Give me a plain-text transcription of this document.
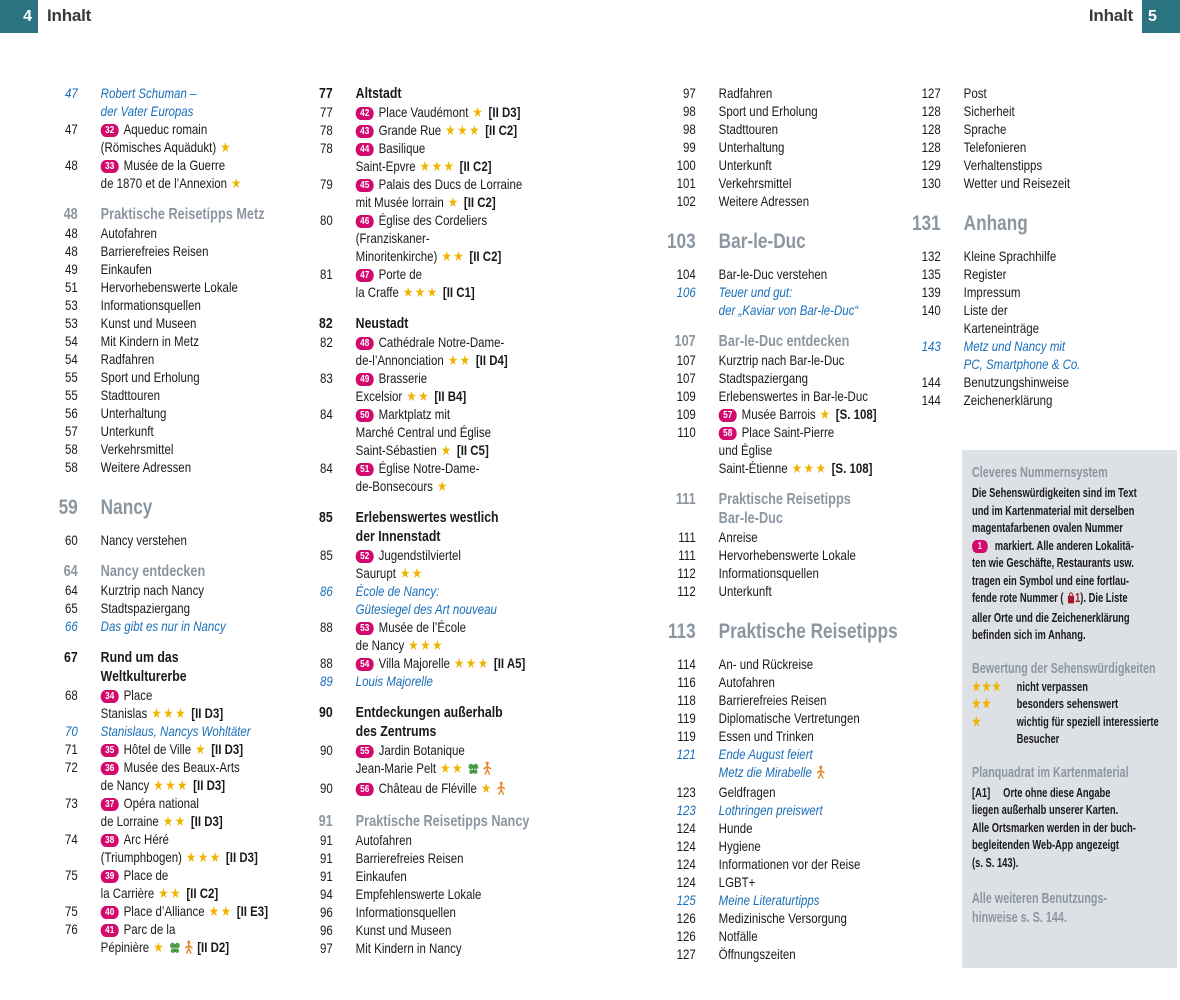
4 Inhalt	Inhalt 5
47 Robert Schuman –
der Vater Europas
47	32 Aqueduc romain
(Römisches Aquädukt) ★
48	33 Musée de la Guerre
de 1870 et de l’Annexion ★
48 Praktische Reisetipps Metz
48 Autofahren
48 Barrierefreies Reisen
49 Einkaufen
51 Hervorhebenswerte Lokale
53 Informationsquellen
53 Kunst und Museen
54 Mit Kindern in Metz
54 Radfahren
55 Sport und Erholung
55 Stadttouren
56 Unterhaltung
57 Unterkunft
58 Verkehrsmittel
58 Weitere Adressen
59 Nancy
60 Nancy verstehen
64 Nancy entdecken
64 Kurztrip nach Nancy
65 Stadtspaziergang
66 Das gibt es nur in Nancy
67 Rund um das
Weltkulturerbe
68	34 Place
Stanislas ★★★ [II D3]
70 Stanislaus, Nancys Wohltäter
71	35 Hôtel de Ville ★ [II D3]
72	36 Musée des Beaux-Arts
de Nancy ★★★ [II D3]
73	37 Opéra national
de Lorraine ★★ [II D3]
74	38 Arc Héré
(Triumphbogen) ★★★ [II D3]
75	39 Place de
la Carrière ★★ [II C2]
75	40 Place d’Alliance ★★ [II E3]
76	41 Parc de la
Pépinière ★ [II D2]
77 Altstadt
77	42 Place Vaudémont ★ [II D3]
78	43 Grande Rue ★★★ [II C2]
78	44 Basilique
Saint-Epvre ★★★ [II C2]
79	45 Palais des Ducs de Lorraine
mit Musée lorrain ★ [II C2]
80	46 Église des Cordeliers
(Franziskaner-
Minoritenkirche) ★★ [II C2]
81	47 Porte de
la Craffe ★★★ [II C1]
82 Neustadt
82	48 Cathédrale Notre-Dame-
de-l’Annonciation ★★ [II D4]
83	49 Brasserie
Excelsior ★★ [II B4]
84	50 Marktplatz mit
Marché Central und Église
Saint-Sébastien ★ [II C5]
84	51 Église Notre-Dame-
de-Bonsecours ★
85 Erlebenswertes westlich
der Innenstadt
85	52 Jugendstilviertel
Saurupt ★★
86 École de Nancy:
Gütesiegel des Art nouveau
88	53 Musée de l’École
de Nancy ★★★
88	54 Villa Majorelle ★★★ [II A5]
89 Louis Majorelle
90 Entdeckungen außerhalb
des Zentrums
90	55 Jardin Botanique
Jean-Marie Pelt ★★
90	56 Château de Fléville ★
91 Praktische Reisetipps Nancy
91 Autofahren
91 Barrierefreies Reisen
91 Einkaufen
94 Empfehlenswerte Lokale
96 Informationsquellen
96 Kunst und Museen
97 Mit Kindern in Nancy
97 Radfahren
98 Sport und Erholung
98 Stadttouren
99 Unterhaltung
100 Unterkunft
101 Verkehrsmittel
102 Weitere Adressen
103 Bar-le-Duc
104 Bar-le-Duc verstehen
106 Teuer und gut:
der „Kaviar von Bar-le-Duc“
107 Bar-le-Duc entdecken
107 Kurztrip nach Bar-le-Duc
107 Stadtspaziergang
109 Erlebenswertes in Bar-le-Duc
109	57 Musée Barrois ★ [S. 108]
110	58 Place Saint-Pierre
und Église
Saint-Étienne ★★★ [S. 108]
111 Praktische Reisetipps
Bar-le-Duc
111 Anreise
111 Hervorhebenswerte Lokale
112 Informationsquellen
112 Unterkunft
113 Praktische Reisetipps
114 An- und Rückreise
116 Autofahren
118 Barrierefreies Reisen
119 Diplomatische Vertretungen
119 Essen und Trinken
121 Ende August feiert
Metz die Mirabelle
123 Geldfragen
123 Lothringen preiswert
124 Hunde
124 Hygiene
124 Informationen vor der Reise
124 LGBT+
125 Meine Literaturtipps
126 Medizinische Versorgung
126 Notfälle
127 Öffnungszeiten
127 Post
128 Sicherheit
128 Sprache
128 Telefonieren
129 Verhaltenstipps
130 Wetter und Reisezeit
131 Anhang
132 Kleine Sprachhilfe
135 Register
139 Impressum
140 Liste der
Karteneinträge
143 Metz und Nancy mit
PC, Smartphone & Co.
144 Benutzungshinweise
144 Zeichenerklärung
Cleveres Nummernsystem
Die Sehenswürdigkeiten sind im Text
und im Kartenmaterial mit derselben
magentafarbenen ovalen Nummer
1 markiert. Alle anderen Lokalitä-
ten wie Geschäfte, Restaurants usw.
tragen ein Symbol und eine fortlau-
fende rote Nummer ( 1). Die Liste
aller Orte und die Zeichenerklärung
befinden sich im Anhang.
Bewertung der Sehenswürdigkeiten
★★★	nicht verpassen
★★	besonders sehenswert
★	wichtig für speziell interessierte Besucher
Planquadrat im Kartenmaterial
[A1] Orte ohne diese Angabe
liegen außerhalb unserer Karten.
Alle Ortsmarken werden in der buch-
begleitenden Web-App angezeigt
(s. S. 143).
Alle weiteren Benutzungs-
hinweise s. S. 144.
